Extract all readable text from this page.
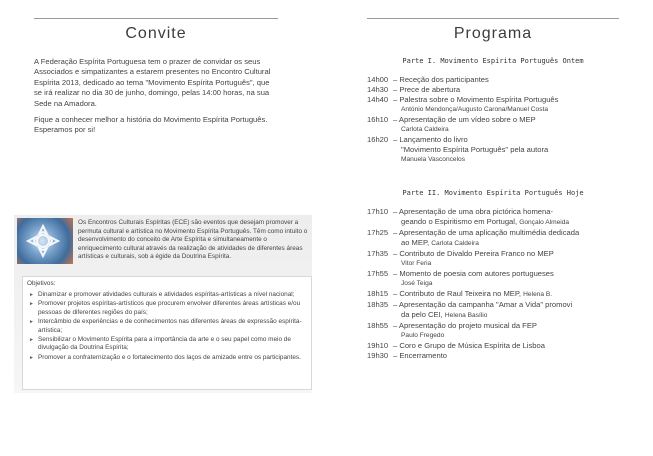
Convite

A Federação Espírita Portuguesa tem o prazer de convidar os seus Associados e simpatizantes a estarem presentes no Encontro Cultural Espírita 2013, dedicado ao tema "Movimento Espírita Português", que se irá realizar no dia 30 de junho, domingo, pelas 14:00 horas, na sua Sede na Amadora.

Fique a conhecer melhor a história do Movimento Espírita Português. Esperamos por si!

Os Encontros Culturais Espíritas (ECE) são eventos que desejam promover a permuta cultural e artística no Movimento Espírita Português. Têm como intuito o desenvolvimento do conceito de Arte Espírita e simultaneamente o enriquecimento cultural através da realização de atividades de diferentes áreas artísticas e culturais, sob a égide da Doutrina Espírita.

Objetivos:
► Dinamizar e promover atividades culturais e atividades espíritas-artísticas a nível nacional;
► Promover projetos espíritas-artísticos que procurem envolver diferentes áreas artísticas e/ou pessoas de diferentes regiões do país;
► Intercâmbio de experiências e de conhecimentos nas diferentes áreas de expressão espírita-artística;
► Sensibilizar o Movimento Espírita para a importância da arte e o seu papel como meio de divulgação da Doutrina Espírita;
► Promover a confraternização e o fortalecimento dos laços de amizade entre os participantes.
Programa
Parte I. Movimento Espírita Português Ontem
14h00 – Receção dos participantes
14h30 – Prece de abertura
14h40 – Palestra sobre o Movimento Espírita Português
António Mendonça/Augusto Carona/Manuel Costa
16h10 – Apresentação de um vídeo sobre o MEP
Carlota Caldeira
16h20 – Lançamento do livro
"Movimento Espírita Português" pela autora
Manuela Vasconcelos
Parte II. Movimento Espírita Português Hoje
17h10 – Apresentação de uma obra pictórica homena-
geando o Espiritismo em Portugal, Gonçalo Almeida
17h25 – Apresentação de uma aplicação multimédia dedicada
ao MEP, Carlota Caldeira
17h35 – Contributo de Divaldo Pereira Franco no MEP
Vitor Feria
17h55 – Momento de poesia com autores portugueses
José Teiga
18h15 – Contributo de Raul Teixeira no MEP, Helena B.
18h35 – Apresentação da campanha "Amar a Vida" promovi
da pelo CEI, Helena Basílio
18h55 – Apresentação do projeto musical da FEP
Paulo Fregedo
19h10 – Coro e Grupo de Música Espírita de Lisboa
19h30 – Encerramento
